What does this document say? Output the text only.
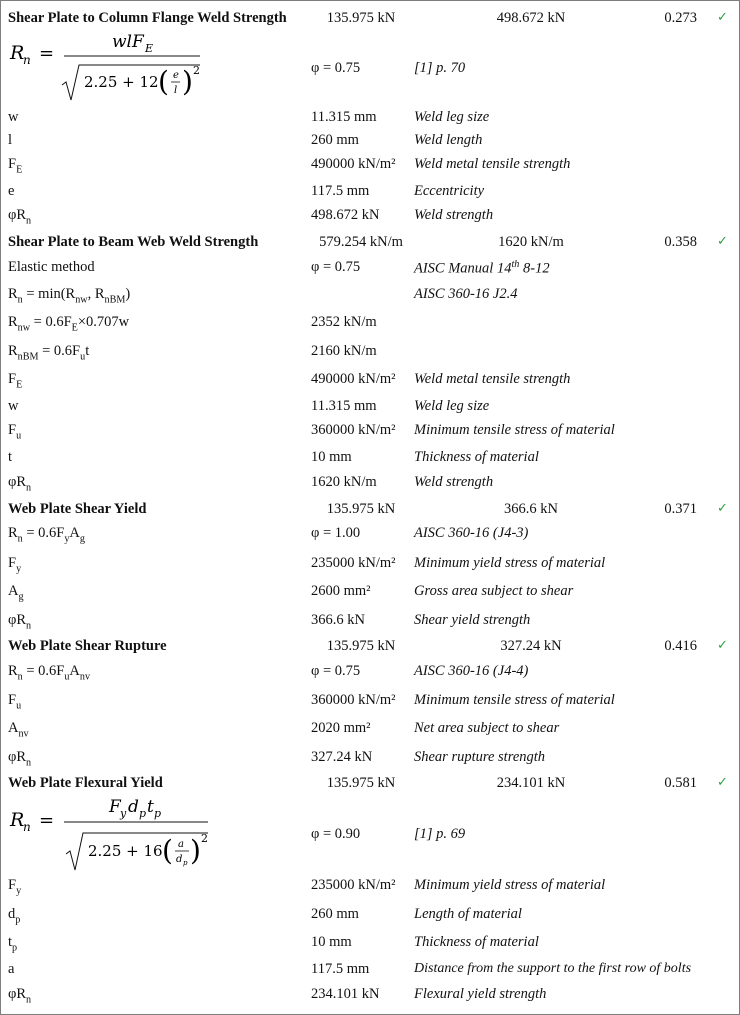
Shear Plate to Column Flange Weld Strength	135.975 kN	498.672 kN	0.273 ✓
R
n =
wlF E
2.25 + 12 ( e
l ) 2	φ = 0.75	[1] p. 70
w	11.315 mm	Weld leg size
l	260 mm	Weld length
$F_E$	490000 kN/m² Weld metal tensile strength
e	117.5 mm	Eccentricity
$\varphi R_n$	498.672 kN Weld strength
Shear Plate to Beam Web Weld Strength	579.254 kN/m	1620 kN/m	0.358 ✓
Elastic method	φ = 0.75	AISC Manual 14th 8-12
$R_n = \min(R_{nw}$, $R_{nBM}$)	AISC 360-16 J2.4
$R_{nw} = 0.6F_E\times 0.707w$	2352 kN/m
$R_{nBM} = 0.6F_ut$	2160 kN/m
$F_E$	490000 kN/m² Weld metal tensile strength
w	11.315 mm	Weld leg size
$F_u$	360000 kN/m² Minimum tensile stress of material
t	10 mm	Thickness of material
$\varphi R_n$	1620 kN/m	Weld strength
Web Plate Shear Yield	135.975 kN	366.6 kN	0.371 ✓
$R_n = 0.6F_yA_g$	φ = 1.00	AISC 360-16 (J4-3)
$F_y$	235000 kN/m² Minimum yield stress of material
$A_g$	2600 mm²	Gross area subject to shear
$\varphi R_n$	366.6 kN	Shear yield strength
Web Plate Shear Rupture	135.975 kN	327.24 kN	0.416 ✓
$R_n = 0.6F_uA_{nv}$	φ = 0.75	AISC 360-16 (J4-4)
$F_u$	360000 kN/m² Minimum tensile stress of material
$A_{nv}$	2020 mm²	Net area subject to shear
$\varphi R_n$	327.24 kN	Shear rupture strength
Web Plate Flexural Yield	135.975 kN	234.101 kN	0.581 ✓
R
n =
F y d p t p
2.25 + 16 ( a
d p ) 2	φ = 0.90	[1] p. 69
$F_y$	235000 kN/m² Minimum yield stress of material
$d_p$	260 mm	Length of material
$t_p$	10 mm	Thickness of material
a	117.5 mm	Distance from the support to the first row of bolts
$\varphi R_n$	234.101 kN Flexural yield strength
